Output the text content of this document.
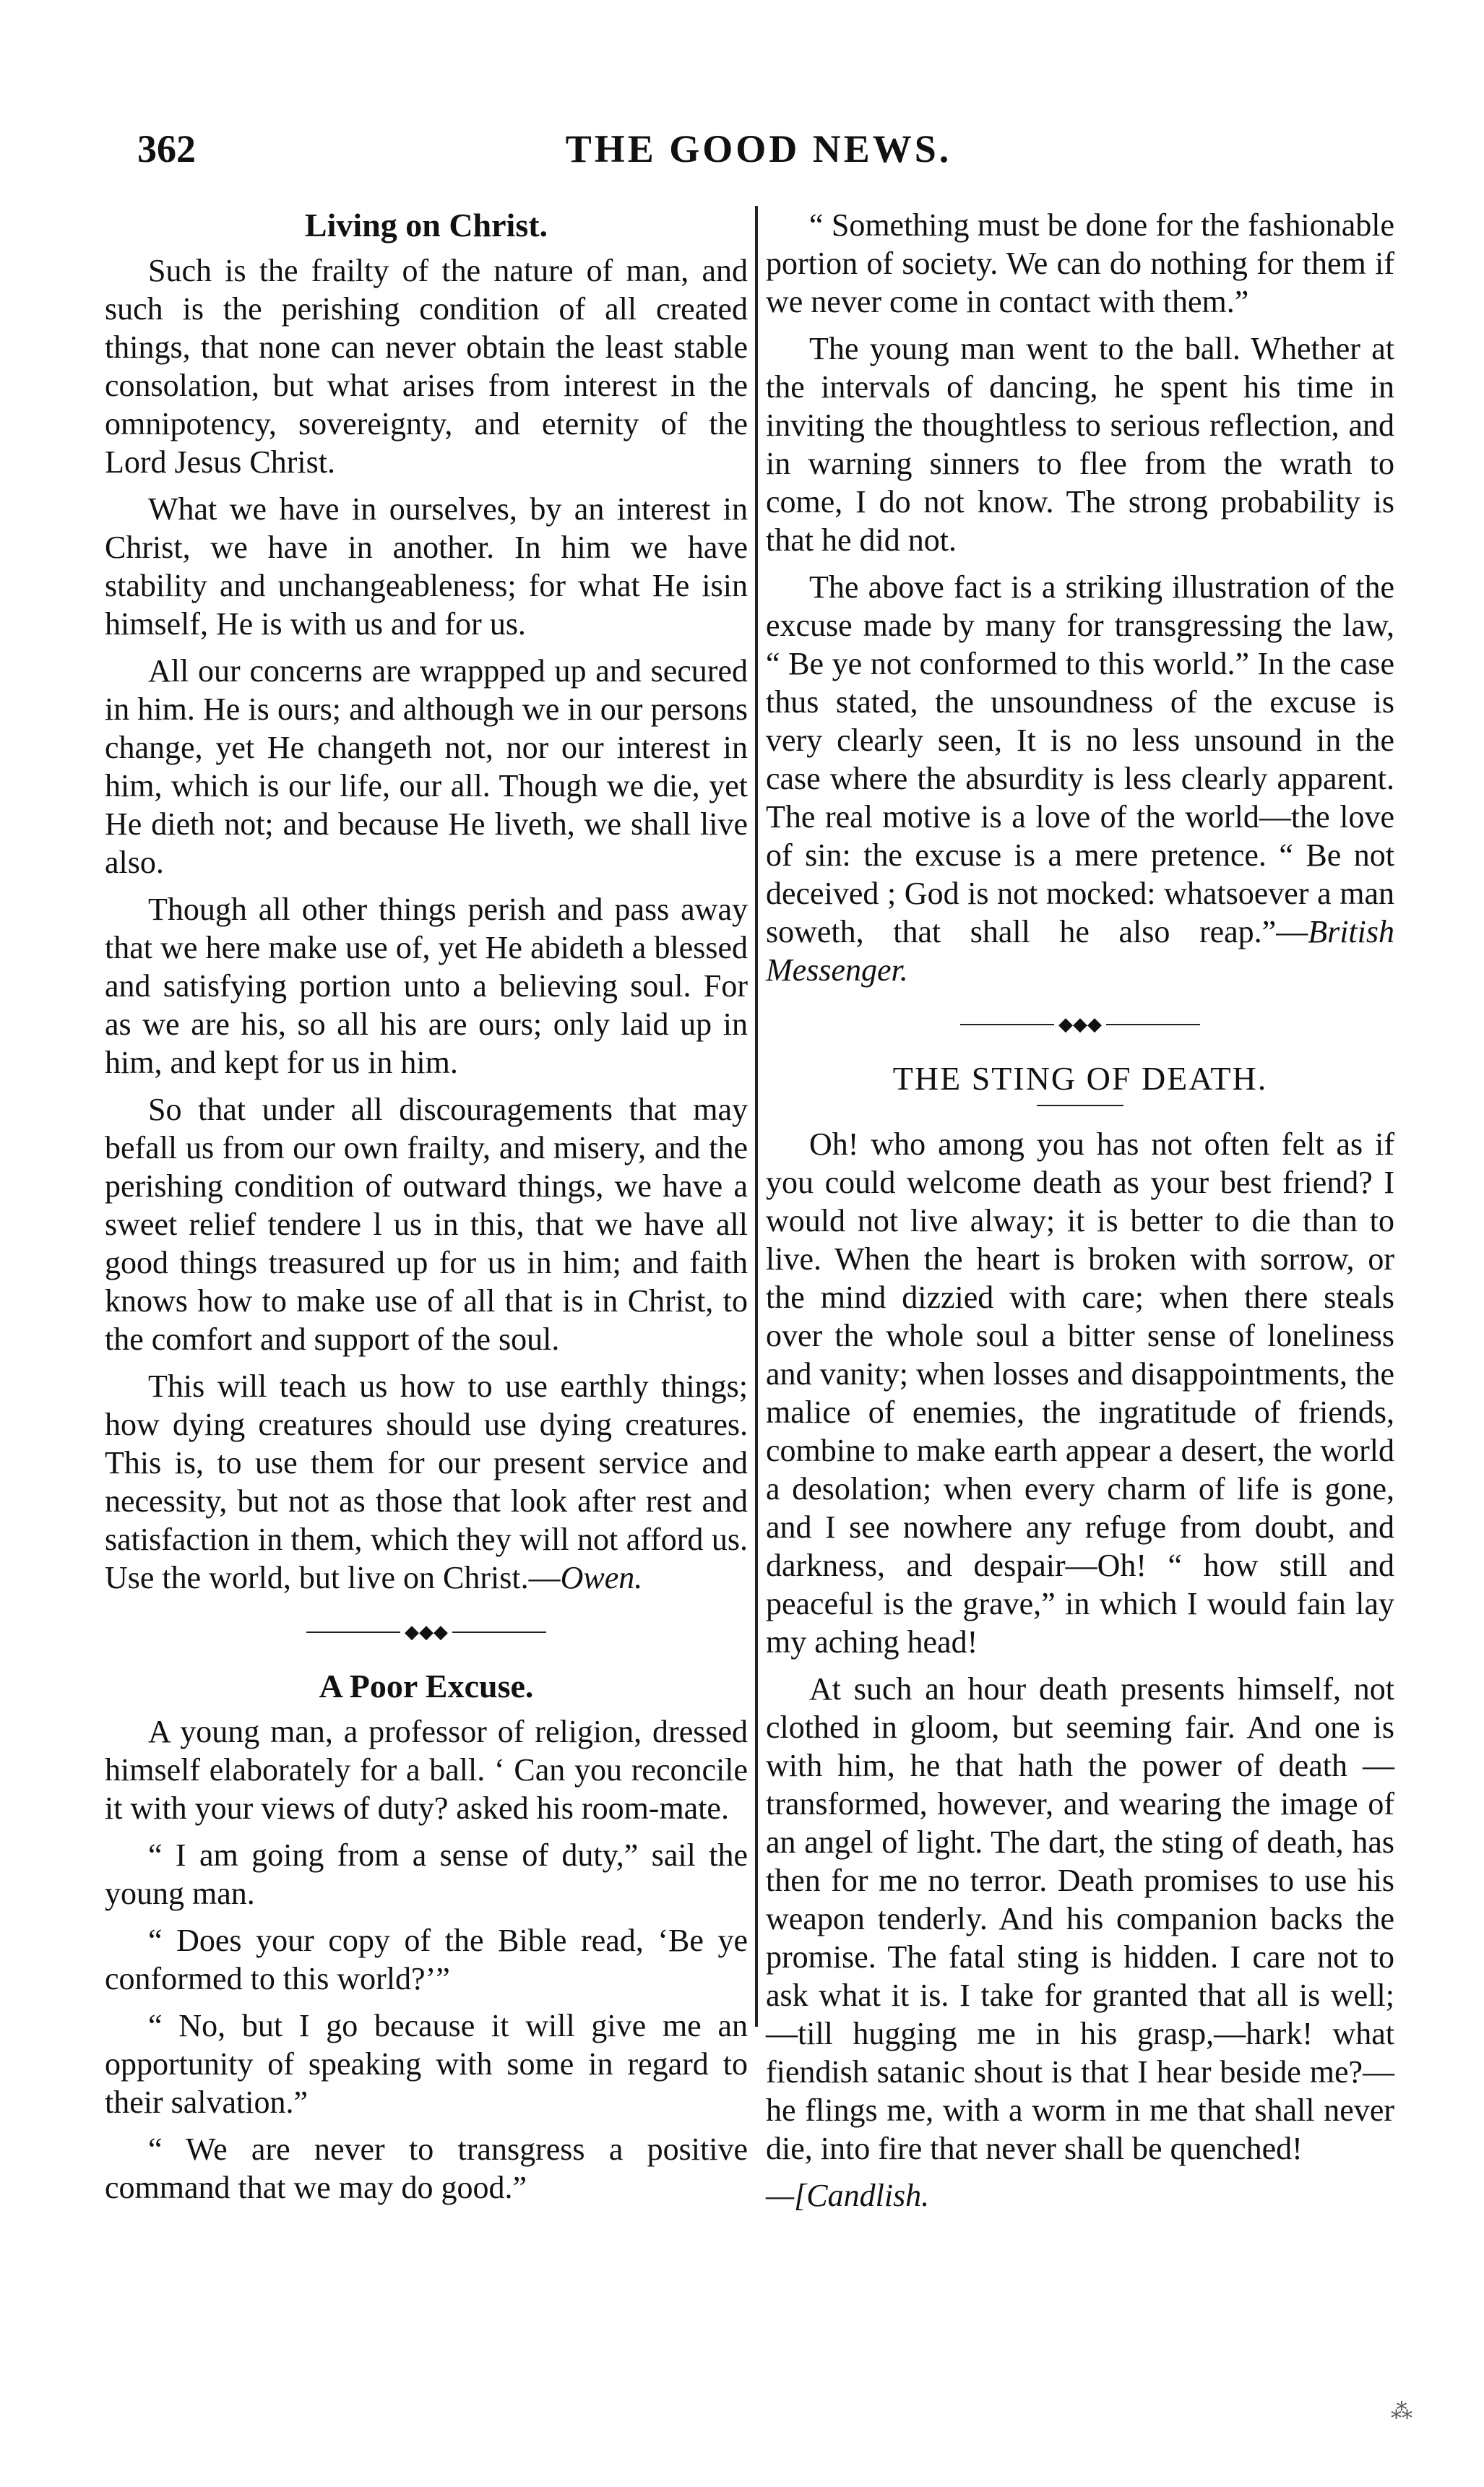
362	THE GOOD NEWS.
Living on Christ.

Such is the frailty of the nature of man, and such is the perishing condition of all created things, that none can never obtain the least stable consolation, but what arises from interest in the omnipotency, sovereignty, and eternity of the Lord Jesus Christ.

What we have in ourselves, by an interest in Christ, we have in another. In him we have stability and unchangeableness; for what He isin himself, He is with us and for us.

All our concerns are wrappped up and secured in him. He is ours; and although we in our persons change, yet He changeth not, nor our interest in him, which is our life, our all. Though we die, yet He dieth not; and because He liveth, we shall live also.

Though all other things perish and pass away that we here make use of, yet He abideth a blessed and satisfying portion unto a believing soul. For as we are his, so all his are ours; only laid up in him, and kept for us in him.

So that under all discouragements that may befall us from our own frailty, and misery, and the perishing condition of outward things, we have a sweet relief tendere l us in this, that we have all good things treasured up for us in him; and faith knows how to make use of all that is in Christ, to the comfort and support of the soul.

This will teach us how to use earthly things; how dying creatures should use dying creatures. This is, to use them for our present service and necessity, but not as those that look after rest and satisfaction in them, which they will not afford us. Use the world, but live on Christ.—Owen.

◆◆◆
A Poor Excuse.

A young man, a professor of religion, dressed himself elaborately for a ball. ‘ Can you reconcile it with your views of duty? asked his room-mate.

“ I am going from a sense of duty,” sail the young man.

“ Does your copy of the Bible read, ‘Be ye conformed to this world?’”

“ No, but I go because it will give me an opportunity of speaking with some in regard to their salvation.”

“ We are never to transgress a positive command that we may do good.”

“ Something must be done for the fashionable portion of society. We can do nothing for them if we never come in contact with them.”

The young man went to the ball. Whether at the intervals of dancing, he spent his time in inviting the thoughtless to serious reflection, and in warning sinners to flee from the wrath to come, I do not know. The strong probability is that he did not.

The above fact is a striking illustration of the excuse made by many for transgressing the law, “ Be ye not conformed to this world.” In the case thus stated, the unsoundness of the excuse is very clearly seen, It is no less unsound in the case where the absurdity is less clearly apparent. The real motive is a love of the world—the love of sin: the excuse is a mere pretence. “ Be not deceived ; God is not mocked: whatsoever a man soweth, that shall he also reap.”—British Messenger.

◆◆◆
THE STING OF DEATH.

Oh! who among you has not often felt as if you could welcome death as your best friend? I would not live alway; it is better to die than to live. When the heart is broken with sorrow, or the mind dizzied with care; when there steals over the whole soul a bitter sense of loneliness and vanity; when losses and disappointments, the malice of enemies, the ingratitude of friends, combine to make earth appear a desert, the world a desolation; when every charm of life is gone, and I see nowhere any refuge from doubt, and darkness, and despair—Oh! “ how still and peaceful is the grave,” in which I would fain lay my aching head!

At such an hour death presents himself, not clothed in gloom, but seeming fair. And one is with him, he that hath the power of death —transformed, however, and wearing the image of an angel of light. The dart, the sting of death, has then for me no terror. Death promises to use his weapon tenderly. And his companion backs the promise. The fatal sting is hidden. I care not to ask what it is. I take for granted that all is well;—till hugging me in his grasp,—hark! what fiendish satanic shout is that I hear beside me?—he flings me, with a worm in me that shall never die, into fire that never shall be quenched!

—[Candlish.

⁂
